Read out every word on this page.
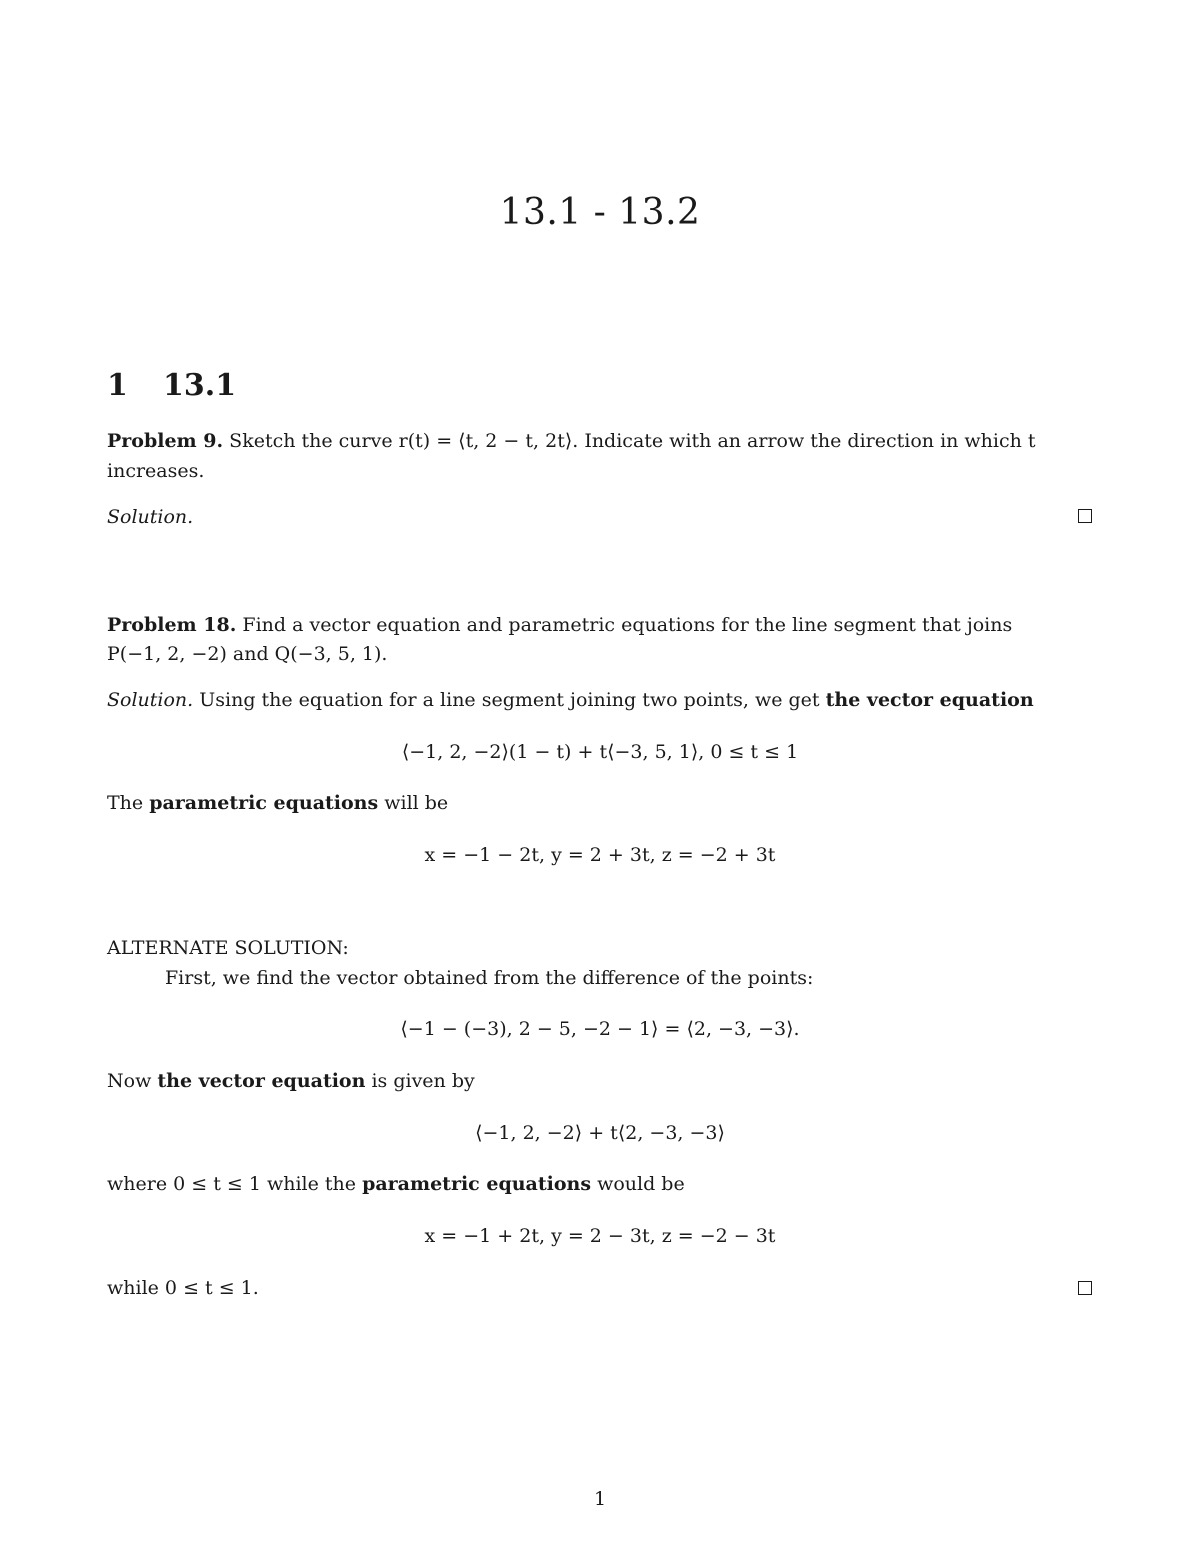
13.1 - 13.2
1 13.1
Problem 9. Sketch the curve r(t) = ⟨t, 2 − t, 2t⟩. Indicate with an arrow the direction in which t
increases.
Solution.
Problem 18. Find a vector equation and parametric equations for the line segment that joins
P(−1, 2, −2) and Q(−3, 5, 1).
Solution. Using the equation for a line segment joining two points, we get the vector equation
⟨−1, 2, −2⟩(1 − t) + t⟨−3, 5, 1⟩, 0 ≤ t ≤ 1
The parametric equations will be
x = −1 − 2t, y = 2 + 3t, z = −2 + 3t
ALTERNATE SOLUTION:
First, we find the vector obtained from the difference of the points:
⟨−1 − (−3), 2 − 5, −2 − 1⟩ = ⟨2, −3, −3⟩.
Now the vector equation is given by
⟨−1, 2, −2⟩ + t⟨2, −3, −3⟩
where 0 ≤ t ≤ 1 while the parametric equations would be
x = −1 + 2t, y = 2 − 3t, z = −2 − 3t
while 0 ≤ t ≤ 1.
1
